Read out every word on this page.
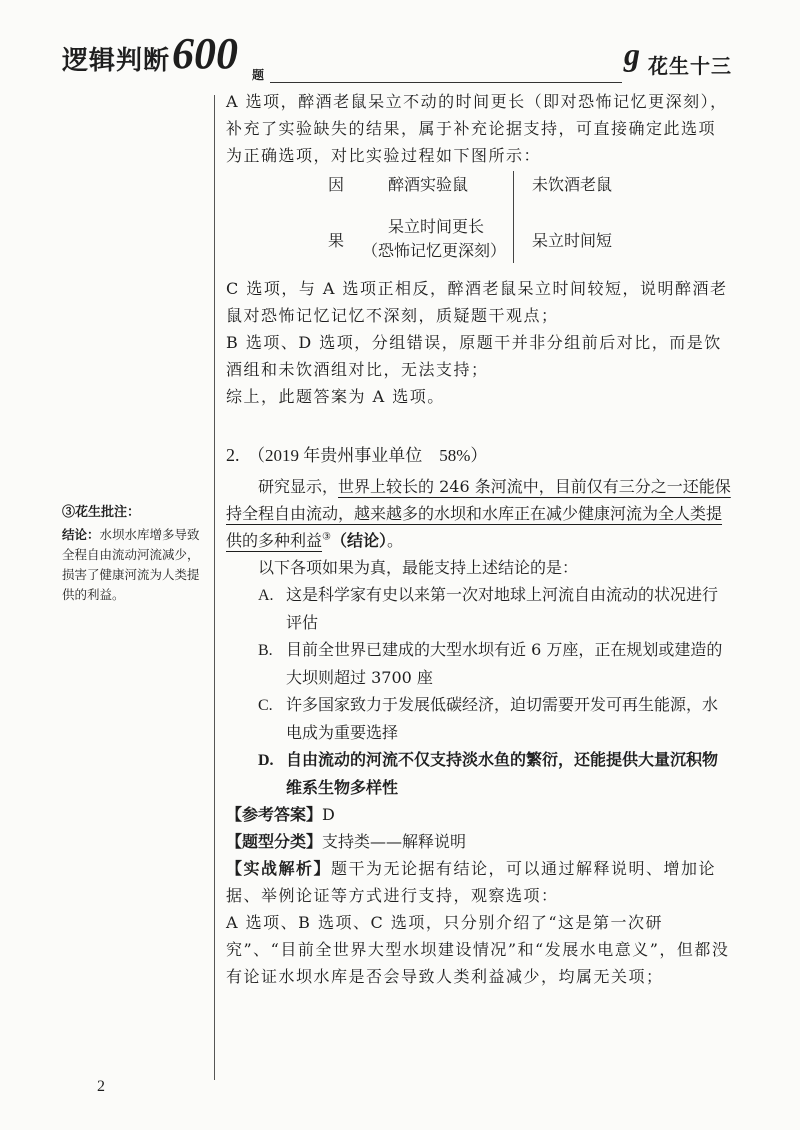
逻辑判断 600 题
g 花生十三

A 选项，醉酒老鼠呆立不动的时间更长（即对恐怖记忆更深刻），补充了实验缺失的结果，属于补充论据支持，可直接确定此选项为正确选项，对比实验过程如下图所示：

因	醉酒实验鼠	未饮酒老鼠
果
呆立时间更长
（恐怖记忆更深刻）
呆立时间短

C 选项，与 A 选项正相反，醉酒老鼠呆立时间较短，说明醉酒老鼠对恐怖记忆记忆不深刻，质疑题干观点；

B 选项、D 选项，分组错误，原题干并非分组前后对比，而是饮酒组和未饮酒组对比，无法支持；

综上，此题答案为 A 选项。

2. （2019 年贵州事业单位　58%）

研究显示，世界上较长的 246 条河流中，目前仅有三分之一还能保持全程自由流动，越来越多的水坝和水库正在减少健康河流为全人类提供的多种利益③（结论）。

以下各项如果为真，最能支持上述结论的是：

A. 这是科学家有史以来第一次对地球上河流自由流动的状况进行评估

B. 目前全世界已建成的大型水坝有近 6 万座，正在规划或建造的大坝则超过 3700 座

C. 许多国家致力于发展低碳经济，迫切需要开发可再生能源，水电成为重要选择

D. 自由流动的河流不仅支持淡水鱼的繁衍，还能提供大量沉积物维系生物多样性

【参考答案】D

【题型分类】支持类——解释说明

【实战解析】题干为无论据有结论，可以通过解释说明、增加论据、举例论证等方式进行支持，观察选项：

A 选项、B 选项、C 选项，只分别介绍了“这是第一次研究”、“目前全世界大型水坝建设情况”和“发展水电意义”，但都没有论证水坝水库是否会导致人类利益减少，均属无关项；

③花生批注：

结论：水坝水库增多导致全程自由流动河流减少，损害了健康河流为人类提供的利益。

2
